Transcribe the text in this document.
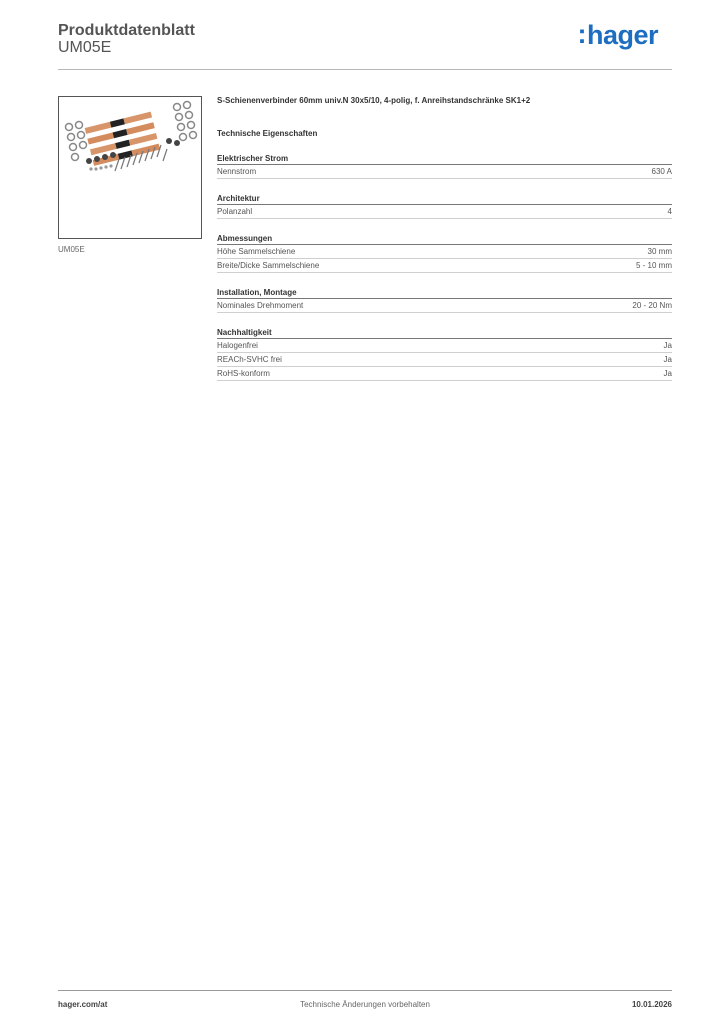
Produktdatenblatt
UM05E	:hager
UM05E
S-Schienenverbinder 60mm univ.N 30x5/10, 4-polig, f. Anreihstandschränke SK1+2
Technische Eigenschaften
Elektrischer Strom
Nennstrom	630 A
Architektur
Polanzahl	4
Abmessungen
Höhe Sammelschiene	30 mm
Breite/Dicke Sammelschiene	5 - 10 mm
Installation, Montage
Nominales Drehmoment	20 - 20 Nm
Nachhaltigkeit
Halogenfrei	Ja
REACh-SVHC frei	Ja
RoHS-konform	Ja
hager.com/at	Technische Änderungen vorbehalten	10.01.2026
